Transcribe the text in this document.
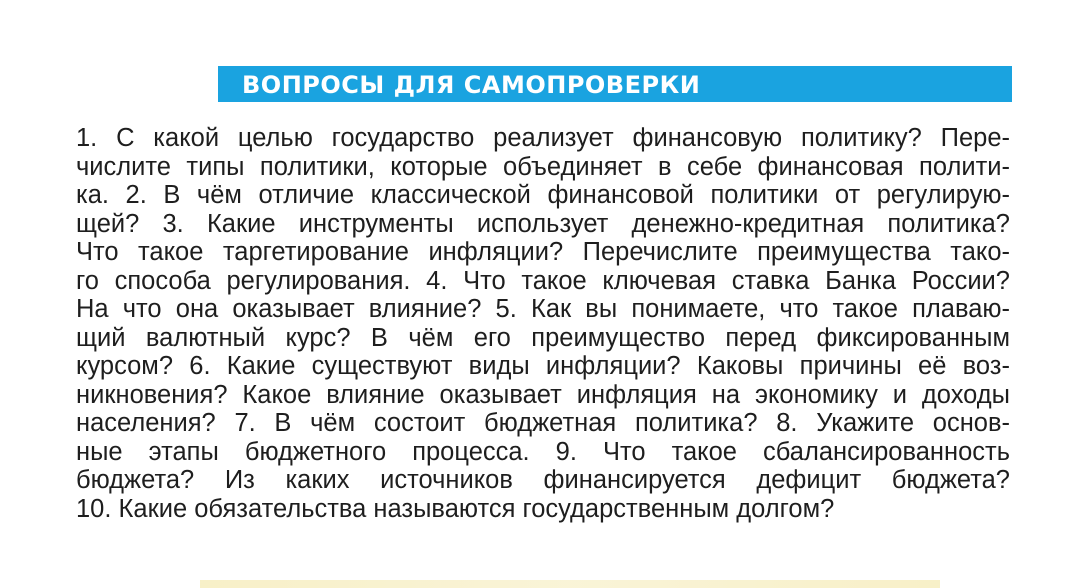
ВОПРОСЫ ДЛЯ САМОПРОВЕРКИ
1. С какой целью государство реализует финансовую политику? Пере-
числите типы политики, которые объединяет в себе финансовая полити-
ка. 2. В чём отличие классической финансовой политики от регулирую-
щей? 3. Какие инструменты использует денежно-кредитная политика?
Что такое таргетирование инфляции? Перечислите преимущества тако-
го способа регулирования. 4. Что такое ключевая ставка Банка России?
На что она оказывает влияние? 5. Как вы понимаете, что такое плаваю-
щий валютный курс? В чём его преимущество перед фиксированным
курсом? 6. Какие существуют виды инфляции? Каковы причины её воз-
никновения? Какое влияние оказывает инфляция на экономику и доходы
населения? 7. В чём состоит бюджетная политика? 8. Укажите основ-
ные этапы бюджетного процесса. 9. Что такое сбалансированность
бюджета? Из каких источников финансируется дефицит бюджета?
10. Какие обязательства называются государственным долгом?
